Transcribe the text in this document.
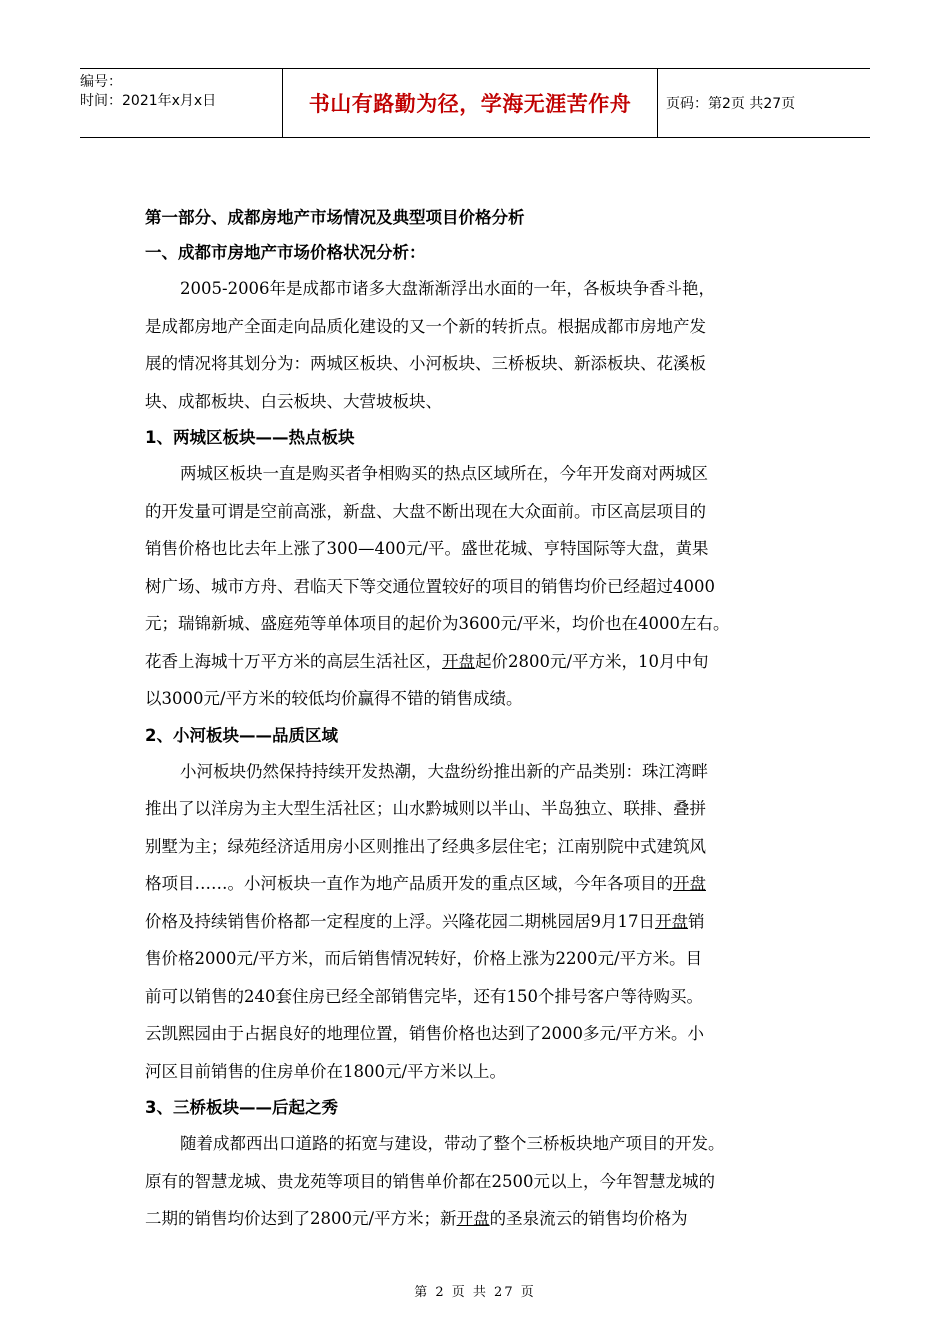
编号：
时间：2021年x月x日	书山有路勤为径，学海无涯苦作舟	页码：第2页 共27页
第一部分、成都房地产市场情况及典型项目价格分析
一、成都市房地产市场价格状况分析：
2005-2006年是成都市诸多大盘渐渐浮出水面的一年，各板块争香斗艳，
是成都房地产全面走向品质化建设的又一个新的转折点。根据成都市房地产发
展的情况将其划分为：两城区板块、小河板块、三桥板块、新添板块、花溪板
块、成都板块、白云板块、大营坡板块、
1、两城区板块——热点板块
两城区板块一直是购买者争相购买的热点区域所在，今年开发商对两城区
的开发量可谓是空前高涨，新盘、大盘不断出现在大众面前。市区高层项目的
销售价格也比去年上涨了300—400元/平。盛世花城、亨特国际等大盘，黄果
树广场、城市方舟、君临天下等交通位置较好的项目的销售均价已经超过4000
元；瑞锦新城、盛庭苑等单体项目的起价为3600元/平米，均价也在4000左右。
花香上海城十万平方米的高层生活社区，开盘起价2800元/平方米，10月中旬
以3000元/平方米的较低均价赢得不错的销售成绩。
2、小河板块——品质区域
小河板块仍然保持持续开发热潮，大盘纷纷推出新的产品类别：珠江湾畔
推出了以洋房为主大型生活社区；山水黔城则以半山、半岛独立、联排、叠拼
别墅为主；绿苑经济适用房小区则推出了经典多层住宅；江南别院中式建筑风
格项目……。小河板块一直作为地产品质开发的重点区域，今年各项目的开盘
价格及持续销售价格都一定程度的上浮。兴隆花园二期桃园居9月17日开盘销
售价格2000元/平方米，而后销售情况转好，价格上涨为2200元/平方米。目
前可以销售的240套住房已经全部销售完毕，还有150个排号客户等待购买。
云凯熙园由于占据良好的地理位置，销售价格也达到了2000多元/平方米。小
河区目前销售的住房单价在1800元/平方米以上。
3、三桥板块——后起之秀
随着成都西出口道路的拓宽与建设，带动了整个三桥板块地产项目的开发。
原有的智慧龙城、贵龙苑等项目的销售单价都在2500元以上，今年智慧龙城的
二期的销售均价达到了2800元/平方米；新开盘的圣泉流云的销售均价格为
第 2 页 共 27 页
